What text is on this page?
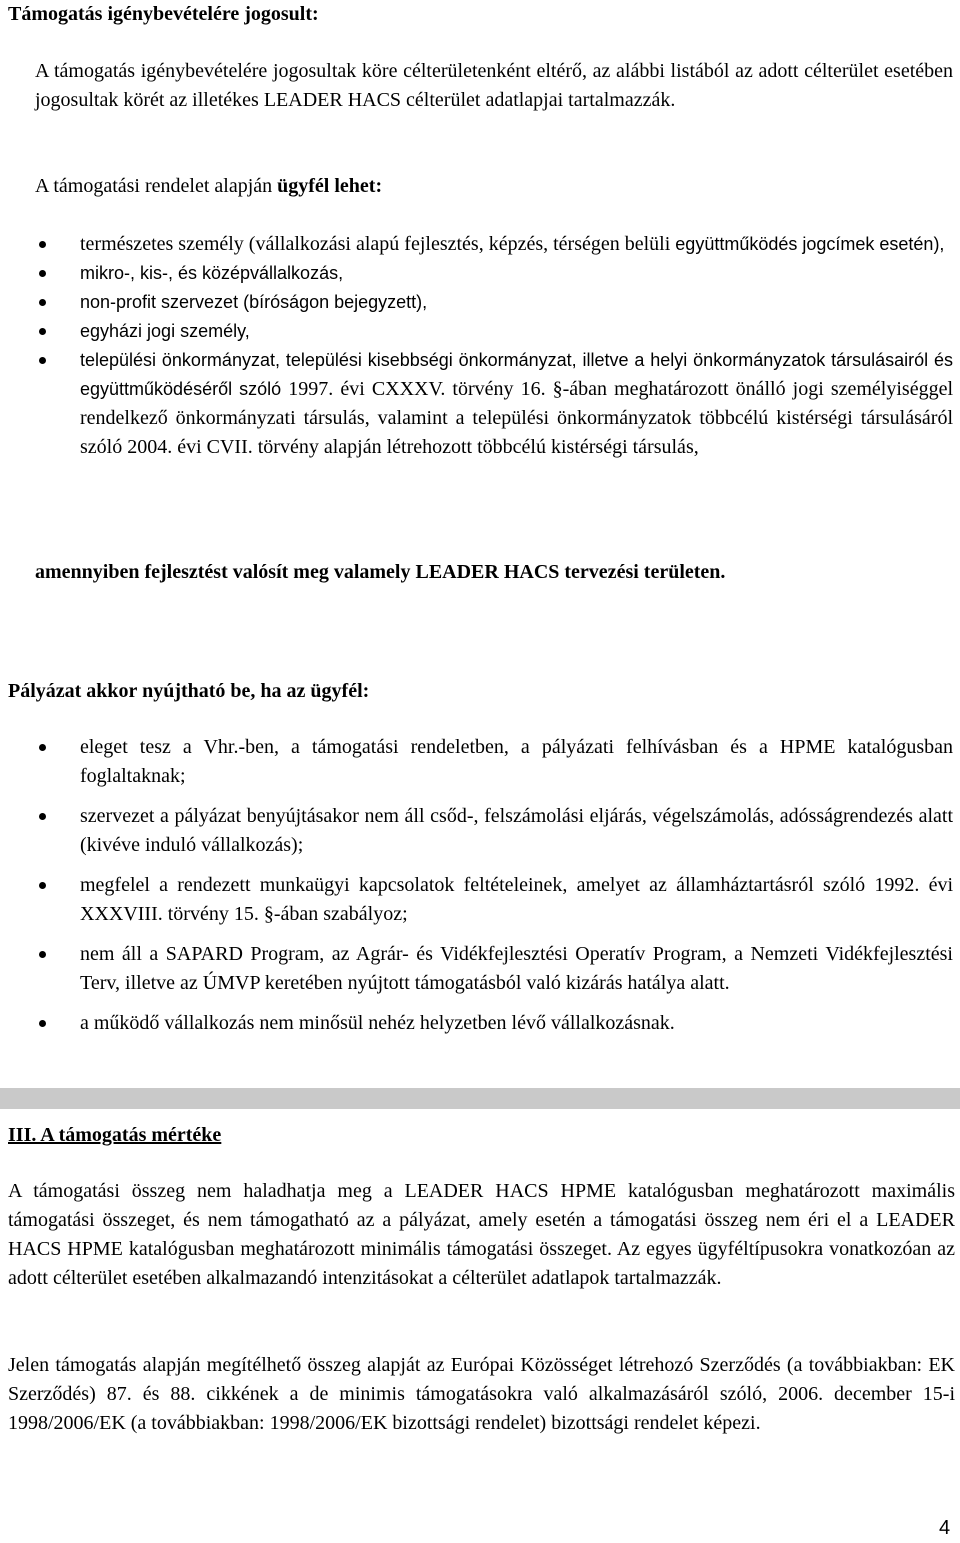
Támogatás igénybevételére jogosult:

A támogatás igénybevételére jogosultak köre célterületenként eltérő, az alábbi listából az adott célterület esetében jogosultak körét az illetékes LEADER HACS célterület adatlapjai tartalmazzák.

A támogatási rendelet alapján ügyfél lehet:

természetes személy (vállalkozási alapú fejlesztés, képzés, térségen belüli együttműködés jogcímek esetén),
mikro-, kis-, és középvállalkozás,
non-profit szervezet (bíróságon bejegyzett),
egyházi jogi személy,
települési önkormányzat, települési kisebbségi önkormányzat, illetve a helyi önkormányzatok társulásairól és együttműködéséről szóló 1997. évi CXXXV. törvény 16. §-ában meghatározott önálló jogi személyiséggel rendelkező önkormányzati társulás, valamint a települési önkormányzatok többcélú kistérségi társulásáról szóló 2004. évi CVII. törvény alapján létrehozott többcélú kistérségi társulás,

amennyiben fejlesztést valósít meg valamely LEADER HACS tervezési területen.

Pályázat akkor nyújtható be, ha az ügyfél:

eleget tesz a Vhr.-ben, a támogatási rendeletben, a pályázati felhívásban és a HPME katalógusban foglaltaknak;
szervezet a pályázat benyújtásakor nem áll csőd-, felszámolási eljárás, végelszámolás, adósságrendezés alatt (kivéve induló vállalkozás);
megfelel a rendezett munkaügyi kapcsolatok feltételeinek, amelyet az államháztartásról szóló 1992. évi XXXVIII. törvény 15. §-ában szabályoz;
nem áll a SAPARD Program, az Agrár- és Vidékfejlesztési Operatív Program, a Nemzeti Vidékfejlesztési Terv, illetve az ÚMVP keretében nyújtott támogatásból való kizárás hatálya alatt.
a működő vállalkozás nem minősül nehéz helyzetben lévő vállalkozásnak.

III. A támogatás mértéke

A támogatási összeg nem haladhatja meg a LEADER HACS HPME katalógusban meghatározott maximális támogatási összeget, és nem támogatható az a pályázat, amely esetén a támogatási összeg nem éri el a LEADER HACS HPME katalógusban meghatározott minimális támogatási összeget. Az egyes ügyféltípusokra vonatkozóan az adott célterület esetében alkalmazandó intenzitásokat a célterület adatlapok tartalmazzák.

Jelen támogatás alapján megítélhető összeg alapját az Európai Közösséget létrehozó Szerződés (a továbbiakban: EK Szerződés) 87. és 88. cikkének a de minimis támogatásokra való alkalmazásáról szóló, 2006. december 15-i 1998/2006/EK (a továbbiakban: 1998/2006/EK bizottsági rendelet) bizottsági rendelet képezi.

4
